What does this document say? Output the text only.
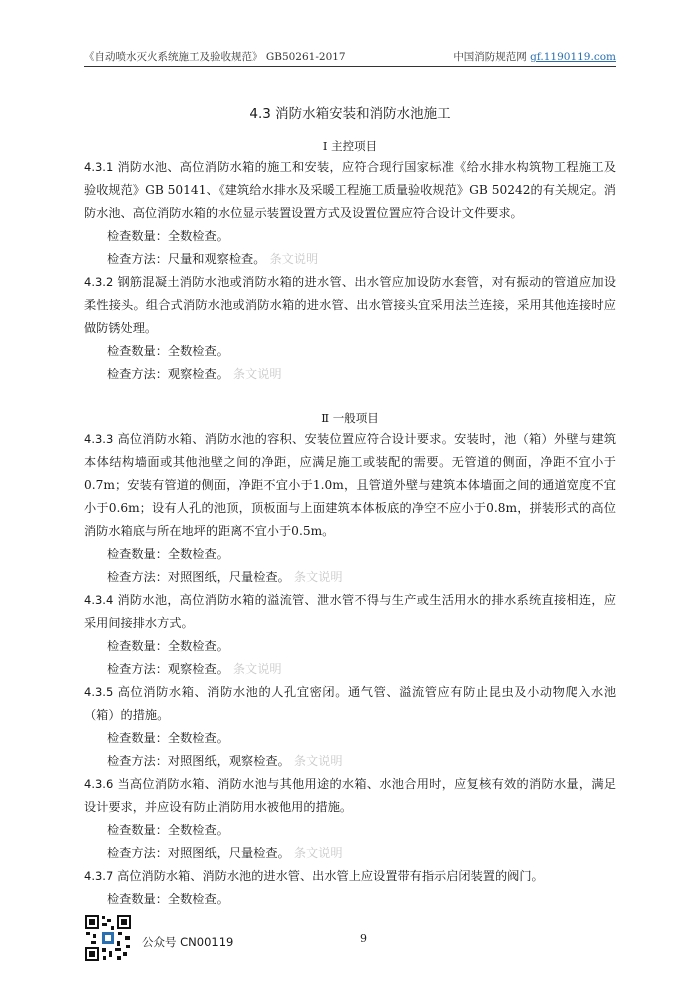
《自动喷水灭火系统施工及验收规范》 GB50261-2017	中国消防规范网 gf.1190119.com
4.3 消防水箱安装和消防水池施工
Ⅰ 主控项目

4.3.1 消防水池、高位消防水箱的施工和安装，应符合现行国家标准《给水排水构筑物工程施工及验收规范》GB 50141、《建筑给水排水及采暖工程施工质量验收规范》GB 50242的有关规定。消防水池、高位消防水箱的水位显示装置设置方式及设置位置应符合设计文件要求。

检查数量：全数检查。

检查方法：尺量和观察检查。 条文说明

4.3.2 钢筋混凝土消防水池或消防水箱的进水管、出水管应加设防水套管，对有振动的管道应加设柔性接头。组合式消防水池或消防水箱的进水管、出水管接头宜采用法兰连接，采用其他连接时应做防锈处理。

检查数量：全数检查。

检查方法：观察检查。 条文说明

Ⅱ 一般项目

4.3.3 高位消防水箱、消防水池的容积、安装位置应符合设计要求。安装时，池（箱）外壁与建筑本体结构墙面或其他池壁之间的净距，应满足施工或装配的需要。无管道的侧面，净距不宜小于0.7m；安装有管道的侧面，净距不宜小于1.0m，且管道外壁与建筑本体墙面之间的通道宽度不宜小于0.6m；设有人孔的池顶，顶板面与上面建筑本体板底的净空不应小于0.8m，拼装形式的高位消防水箱底与所在地坪的距离不宜小于0.5m。

检查数量：全数检查。

检查方法：对照图纸，尺量检查。 条文说明

4.3.4 消防水池，高位消防水箱的溢流管、泄水管不得与生产或生活用水的排水系统直接相连，应采用间接排水方式。

检查数量：全数检查。

检查方法：观察检查。 条文说明

4.3.5 高位消防水箱、消防水池的人孔宜密闭。通气管、溢流管应有防止昆虫及小动物爬入水池（箱）的措施。

检查数量：全数检查。

检查方法：对照图纸，观察检查。 条文说明

4.3.6 当高位消防水箱、消防水池与其他用途的水箱、水池合用时，应复核有效的消防水量，满足设计要求，并应设有防止消防用水被他用的措施。

检查数量：全数检查。

检查方法：对照图纸，尺量检查。 条文说明

4.3.7 高位消防水箱、消防水池的进水管、出水管上应设置带有指示启闭装置的阀门。

检查数量：全数检查。

公众号 CN00119	9
